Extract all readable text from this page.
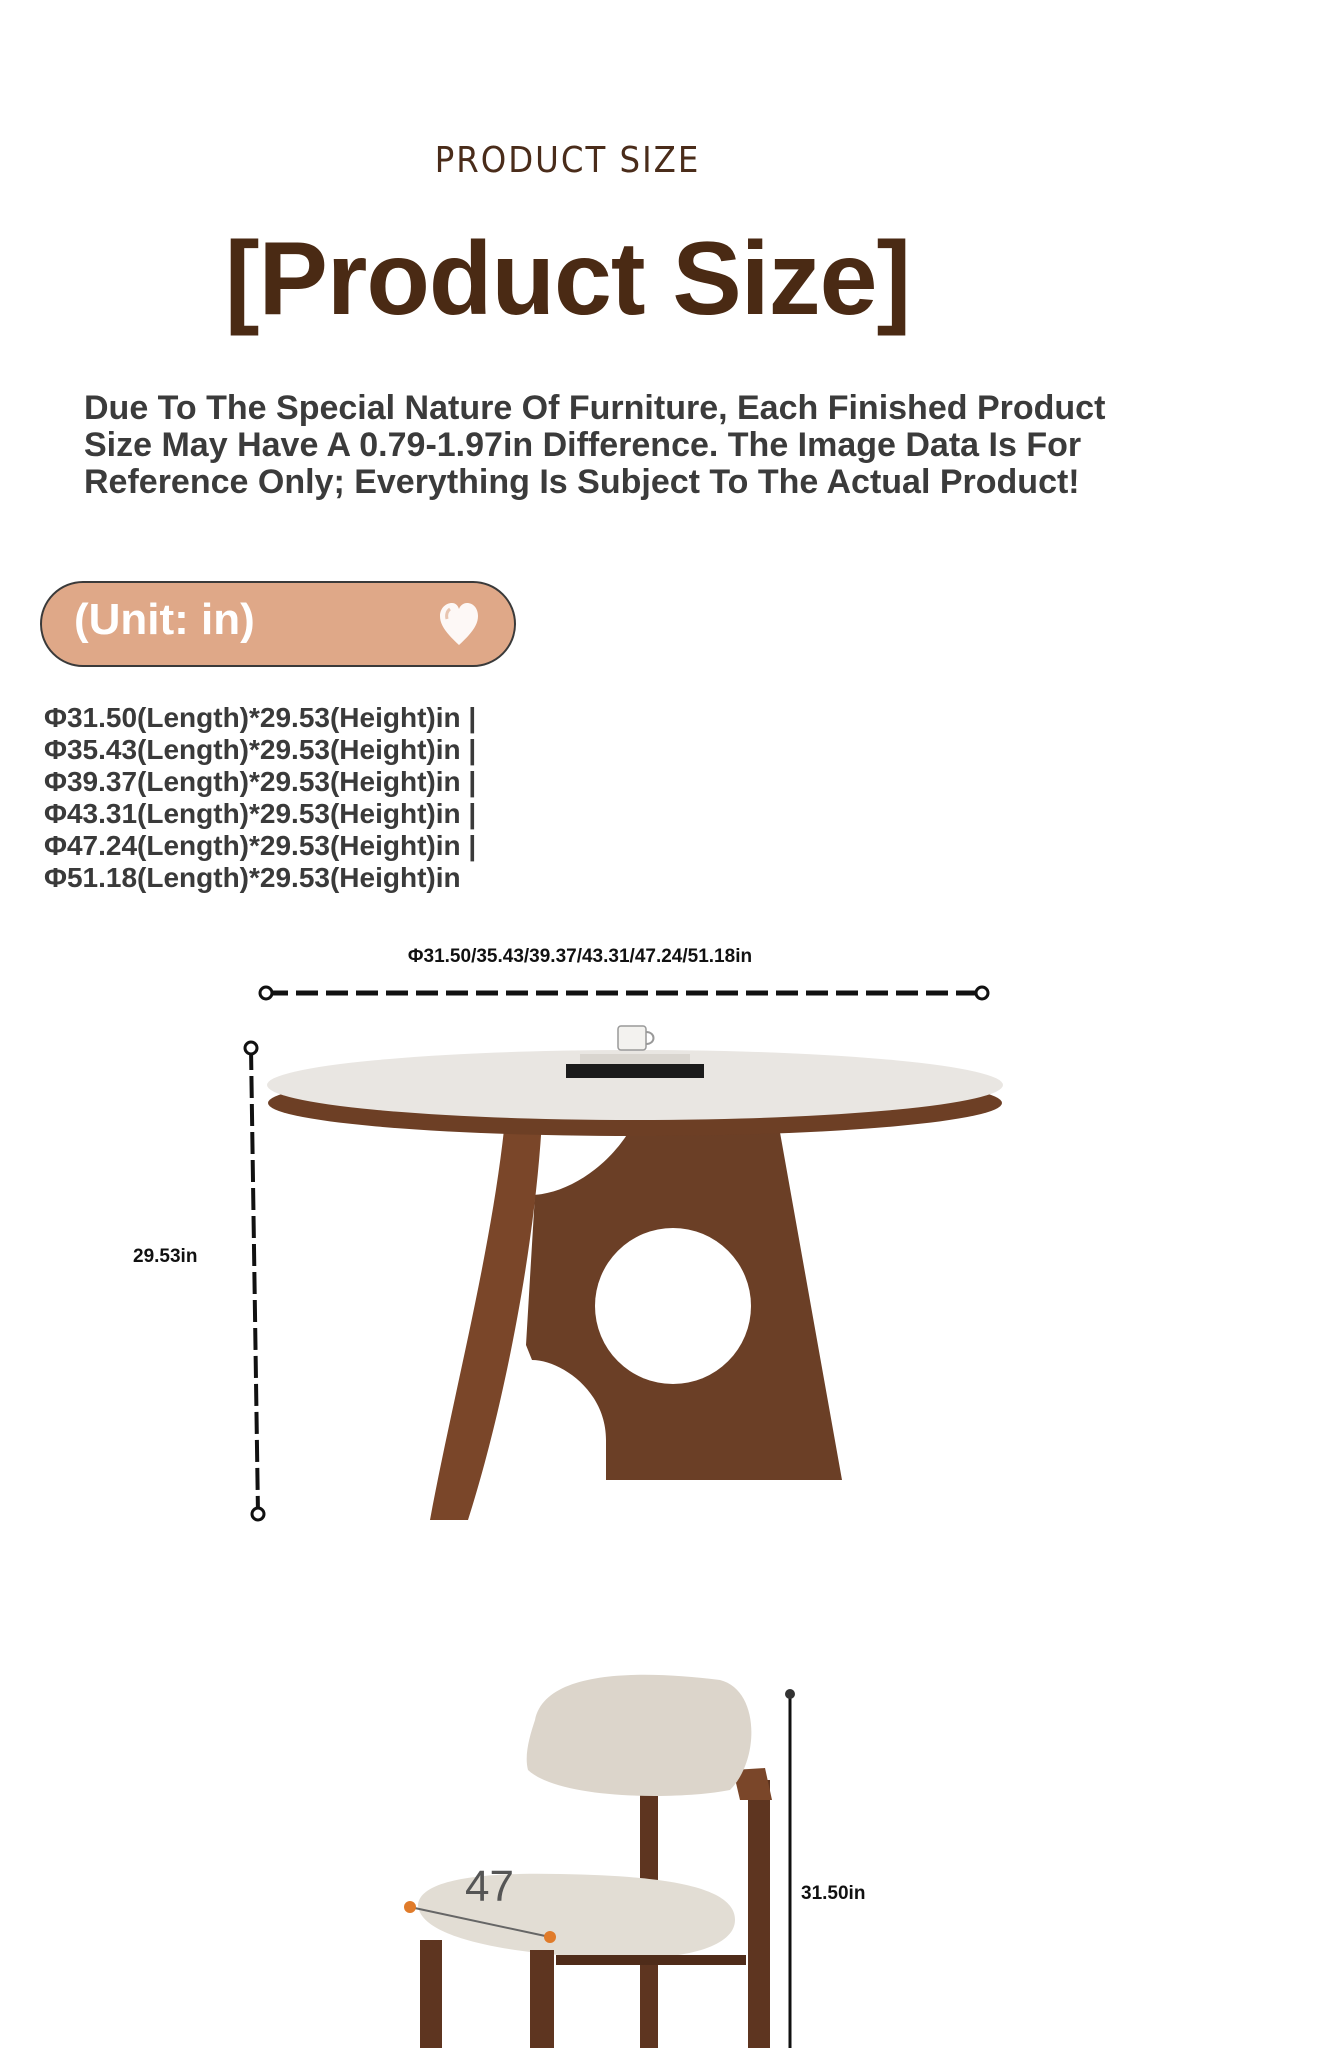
PRODUCT SIZE
[Product Size]
Due To The Special Nature Of Furniture, Each Finished Product
Size May Have A 0.79-1.97in Difference. The Image Data Is For
Reference Only; Everything Is Subject To The Actual Product!
(Unit: in)
Φ31.50(Length)*29.53(Height)in |
Φ35.43(Length)*29.53(Height)in |
Φ39.37(Length)*29.53(Height)in |
Φ43.31(Length)*29.53(Height)in |
Φ47.24(Length)*29.53(Height)in |
Φ51.18(Length)*29.53(Height)in
Φ31.50/35.43/39.37/43.31/47.24/51.18in
29.53in
31.50in
47
